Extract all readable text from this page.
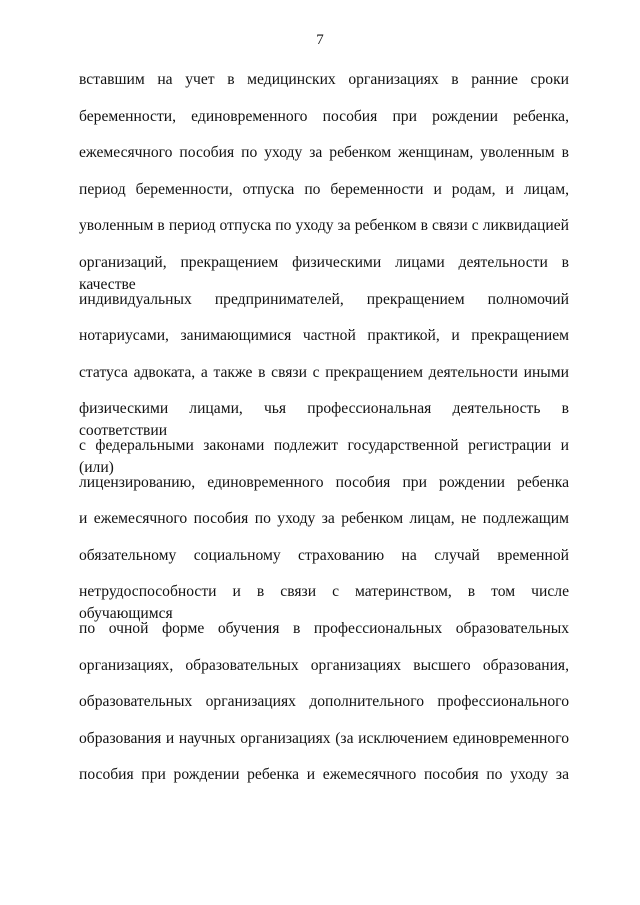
7
вставшим на учет в медицинских организациях в ранние сроки
беременности, единовременного пособия при рождении ребенка,
ежемесячного пособия по уходу за ребенком женщинам, уволенным в
период беременности, отпуска по беременности и родам, и лицам,
уволенным в период отпуска по уходу за ребенком в связи с ликвидацией
организаций, прекращением физическими лицами деятельности в качестве
индивидуальных предпринимателей, прекращением полномочий
нотариусами, занимающимися частной практикой, и прекращением
статуса адвоката, а также в связи с прекращением деятельности иными
физическими лицами, чья профессиональная деятельность в соответствии
с федеральными законами подлежит государственной регистрации и (или)
лицензированию, единовременного пособия при рождении ребенка
и ежемесячного пособия по уходу за ребенком лицам, не подлежащим
обязательному социальному страхованию на случай временной
нетрудоспособности и в связи с материнством, в том числе обучающимся
по очной форме обучения в профессиональных образовательных
организациях, образовательных организациях высшего образования,
образовательных организациях дополнительного профессионального
образования и научных организациях (за исключением единовременного
пособия при рождении ребенка и ежемесячного пособия по уходу за
